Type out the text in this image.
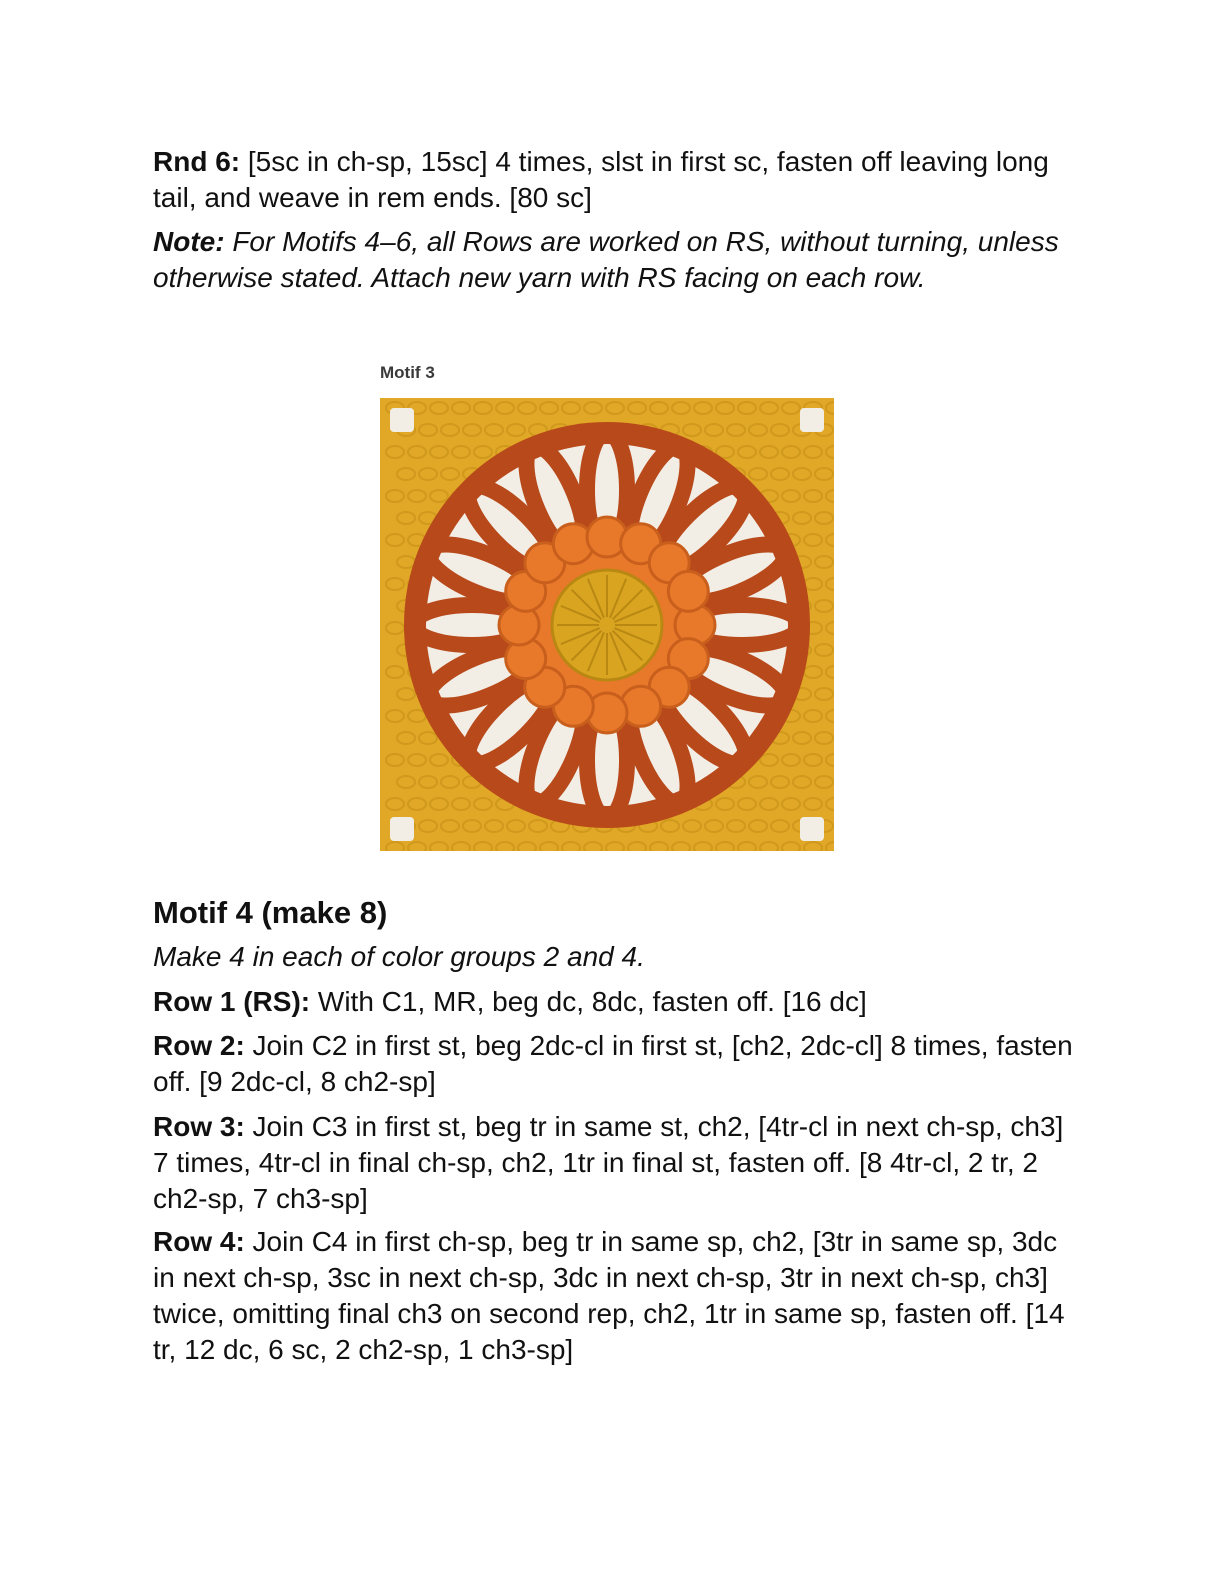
Rnd 6: [5sc in ch-sp, 15sc] 4 times, slst in first sc, fasten off leaving long tail, and weave in rem ends. [80 sc]

Note: For Motifs 4–6, all Rows are worked on RS, without turning, unless otherwise stated. Attach new yarn with RS facing on each row.

Motif 3
Motif 4 (make 8)

Make 4 in each of color groups 2 and 4.

Row 1 (RS): With C1, MR, beg dc, 8dc, fasten off. [16 dc]

Row 2: Join C2 in first st, beg 2dc-cl in first st, [ch2, 2dc-cl] 8 times, fasten off. [9 2dc-cl, 8 ch2-sp]

Row 3: Join C3 in first st, beg tr in same st, ch2, [4tr-cl in next ch-sp, ch3] 7 times, 4tr-cl in final ch-sp, ch2, 1tr in final st, fasten off. [8 4tr-cl, 2 tr, 2 ch2-sp, 7 ch3-sp]

Row 4: Join C4 in first ch-sp, beg tr in same sp, ch2, [3tr in same sp, 3dc in next ch-sp, 3sc in next ch-sp, 3dc in next ch-sp, 3tr in next ch-sp, ch3] twice, omitting final ch3 on second rep, ch2, 1tr in same sp, fasten off. [14 tr, 12 dc, 6 sc, 2 ch2-sp, 1 ch3-sp]
